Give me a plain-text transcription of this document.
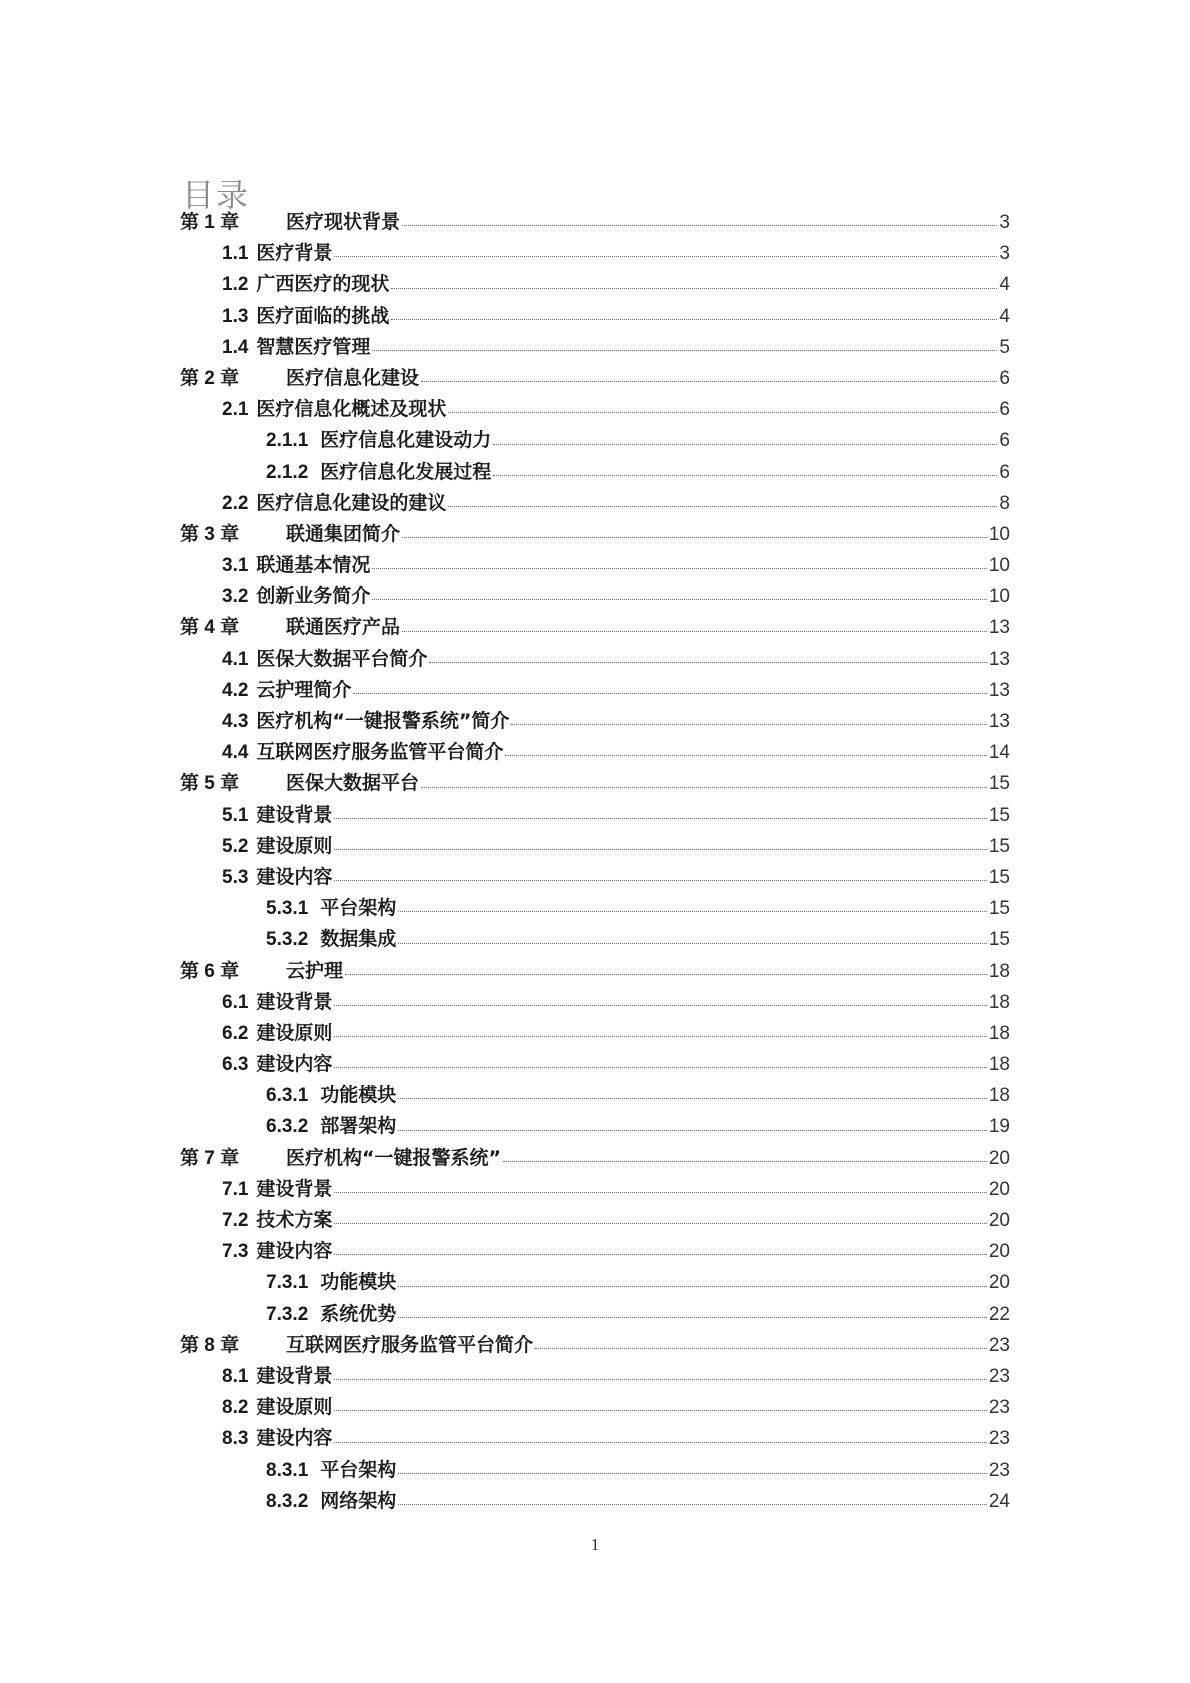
目录
第 1 章	医疗现状背景	3
1.1 医疗背景	3
1.2 广西医疗的现状	4
1.3 医疗面临的挑战	4
1.4 智慧医疗管理	5
第 2 章	医疗信息化建设	6
2.1 医疗信息化概述及现状	6
2.1.1 医疗信息化建设动力	6
2.1.2 医疗信息化发展过程	6
2.2 医疗信息化建设的建议	8
第 3 章	联通集团简介	10
3.1 联通基本情况	10
3.2 创新业务简介	10
第 4 章	联通医疗产品	13
4.1 医保大数据平台简介	13
4.2 云护理简介	13
4.3 医疗机构“一键报警系统”简介	13
4.4 互联网医疗服务监管平台简介	14
第 5 章	医保大数据平台	15
5.1 建设背景	15
5.2 建设原则	15
5.3 建设内容	15
5.3.1 平台架构	15
5.3.2 数据集成	15
第 6 章	云护理	18
6.1 建设背景	18
6.2 建设原则	18
6.3 建设内容	18
6.3.1 功能模块	18
6.3.2 部署架构	19
第 7 章	医疗机构“一键报警系统”	20
7.1 建设背景	20
7.2 技术方案	20
7.3 建设内容	20
7.3.1 功能模块	20
7.3.2 系统优势	22
第 8 章	互联网医疗服务监管平台简介	23
8.1 建设背景	23
8.2 建设原则	23
8.3 建设内容	23
8.3.1 平台架构	23
8.3.2 网络架构	24
1
